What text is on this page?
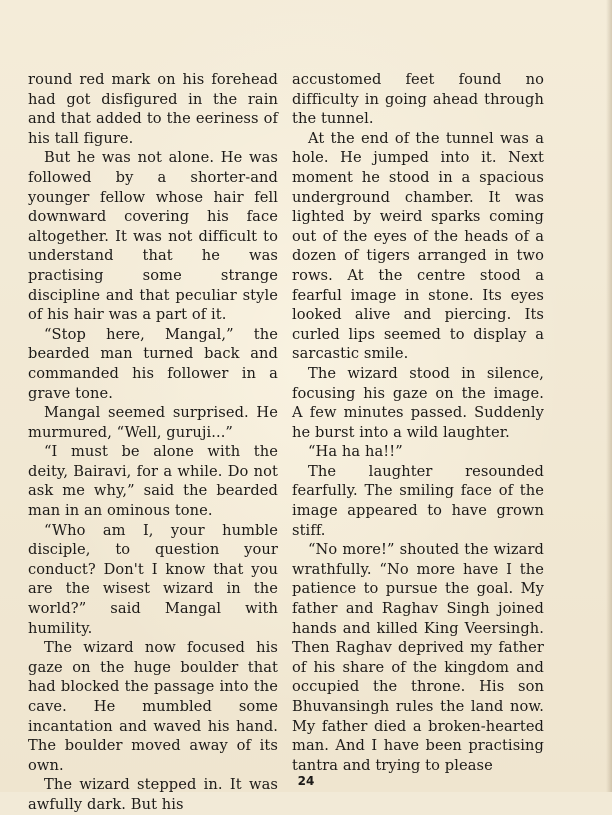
round red mark on his forehead had got disfigured in the rain and that added to the eeriness of his tall figure.

But he was not alone. He was followed by a shorter-and younger fellow whose hair fell downward covering his face altogether. It was not difficult to understand that he was practising some strange discipline and that peculiar style of his hair was a part of it.

“Stop here, Mangal,” the bearded man turned back and commanded his follower in a grave tone.

Mangal seemed surprised. He murmured, “Well, guruji...”

“I must be alone with the deity, Bairavi, for a while. Do not ask me why,” said the bearded man in an ominous tone.

“Who am I, your humble disciple, to question your conduct? Don't I know that you are the wisest wizard in the world?” said Mangal with humility.

The wizard now focused his gaze on the huge boulder that had blocked the passage into the cave. He mumbled some incantation and waved his hand. The boulder moved away of its own.

The wizard stepped in. It was awfully dark. But his

accustomed feet found no difficulty in going ahead through the tunnel.

At the end of the tunnel was a hole. He jumped into it. Next moment he stood in a spacious underground chamber. It was lighted by weird sparks coming out of the eyes of the heads of a dozen of tigers arranged in two rows. At the centre stood a fearful image in stone. Its eyes looked alive and piercing. Its curled lips seemed to display a sarcastic smile.

The wizard stood in silence, focusing his gaze on the image. A few minutes passed. Suddenly he burst into a wild laughter.

“Ha ha ha!!”

The laughter resounded fearfully. The smiling face of the image appeared to have grown stiff.

“No more!” shouted the wizard wrathfully. “No more have I the patience to pursue the goal. My father and Raghav Singh joined hands and killed King Veersingh. Then Raghav deprived my father of his share of the kingdom and occupied the throne. His son Bhuvansingh rules the land now. My father died a broken-hearted man. And I have been practising tantra and trying to please

24
